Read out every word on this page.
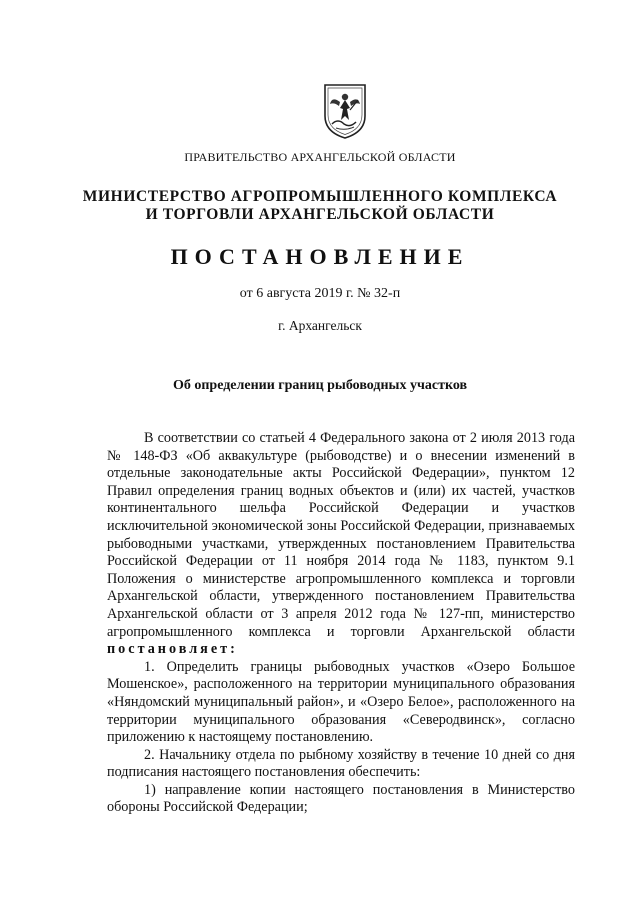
ПРАВИТЕЛЬСТВО АРХАНГЕЛЬСКОЙ ОБЛАСТИ
МИНИСТЕРСТВО АГРОПРОМЫШЛЕННОГО КОМПЛЕКСА
И ТОРГОВЛИ АРХАНГЕЛЬСКОЙ ОБЛАСТИ
ПОСТАНОВЛЕНИЕ
от 6 августа 2019 г. № 32-п
г. Архангельск
Об определении границ рыбоводных участков

В соответствии со статьей 4 Федерального закона от 2 июля 2013 года № 148-ФЗ «Об аквакультуре (рыбоводстве) и о внесении изменений в отдельные законодательные акты Российской Федерации», пунктом 12 Правил определения границ водных объектов и (или) их частей, участков континентального шельфа Российской Федерации и участков исключительной экономической зоны Российской Федерации, признаваемых рыбоводными участками, утвержденных постановлением Правительства Российской Федерации от 11 ноября 2014 года № 1183, пунктом 9.1 Положения о министерстве агропромышленного комплекса и торговли Архангельской области, утвержденного постановлением Правительства Архангельской области от 3 апреля 2012 года № 127-пп, министерство агропромышленного комплекса и торговли Архангельской области постановляет:

1. Определить границы рыбоводных участков «Озеро Большое Мошенское», расположенного на территории муниципального образования «Няндомский муниципальный район», и «Озеро Белое», расположенного на территории муниципального образования «Северодвинск», согласно приложению к настоящему постановлению.

2. Начальнику отдела по рыбному хозяйству в течение 10 дней со дня подписания настоящего постановления обеспечить:

1) направление копии настоящего постановления в Министерство обороны Российской Федерации;
